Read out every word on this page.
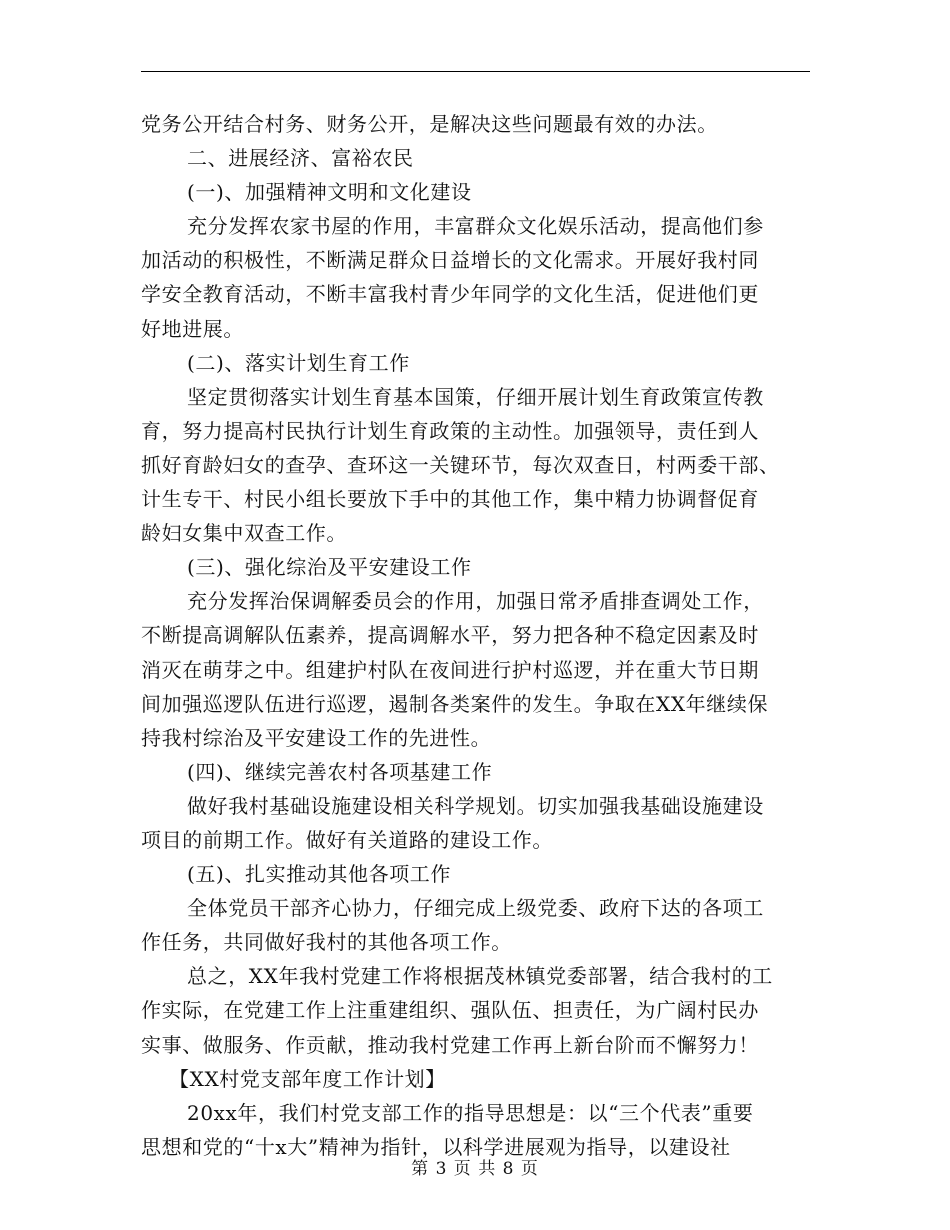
党务公开结合村务、财务公开，是解决这些问题最有效的办法。
二、进展经济、富裕农民
(一)、加强精神文明和文化建设
充分发挥农家书屋的作用，丰富群众文化娱乐活动，提高他们参
加活动的积极性，不断满足群众日益增长的文化需求。开展好我村同
学安全教育活动，不断丰富我村青少年同学的文化生活，促进他们更
好地进展。
(二)、落实计划生育工作
坚定贯彻落实计划生育基本国策，仔细开展计划生育政策宣传教
育，努力提高村民执行计划生育政策的主动性。加强领导，责任到人
抓好育龄妇女的查孕、查环这一关键环节，每次双查日，村两委干部、
计生专干、村民小组长要放下手中的其他工作，集中精力协调督促育
龄妇女集中双查工作。
(三)、强化综治及平安建设工作
充分发挥治保调解委员会的作用，加强日常矛盾排查调处工作，
不断提高调解队伍素养，提高调解水平，努力把各种不稳定因素及时
消灭在萌芽之中。组建护村队在夜间进行护村巡逻，并在重大节日期
间加强巡逻队伍进行巡逻，遏制各类案件的发生。争取在XX年继续保
持我村综治及平安建设工作的先进性。
(四)、继续完善农村各项基建工作
做好我村基础设施建设相关科学规划。切实加强我基础设施建设
项目的前期工作。做好有关道路的建设工作。
(五)、扎实推动其他各项工作
全体党员干部齐心协力，仔细完成上级党委、政府下达的各项工
作任务，共同做好我村的其他各项工作。
总之，XX年我村党建工作将根据茂林镇党委部署，结合我村的工
作实际，在党建工作上注重建组织、强队伍、担责任，为广阔村民办
实事、做服务、作贡献，推动我村党建工作再上新台阶而不懈努力！
【XX村党支部年度工作计划】
20xx年，我们村党支部工作的指导思想是：以“三个代表”重要
思想和党的“十x大”精神为指针，以科学进展观为指导，以建设社
第 3 页 共 8 页
